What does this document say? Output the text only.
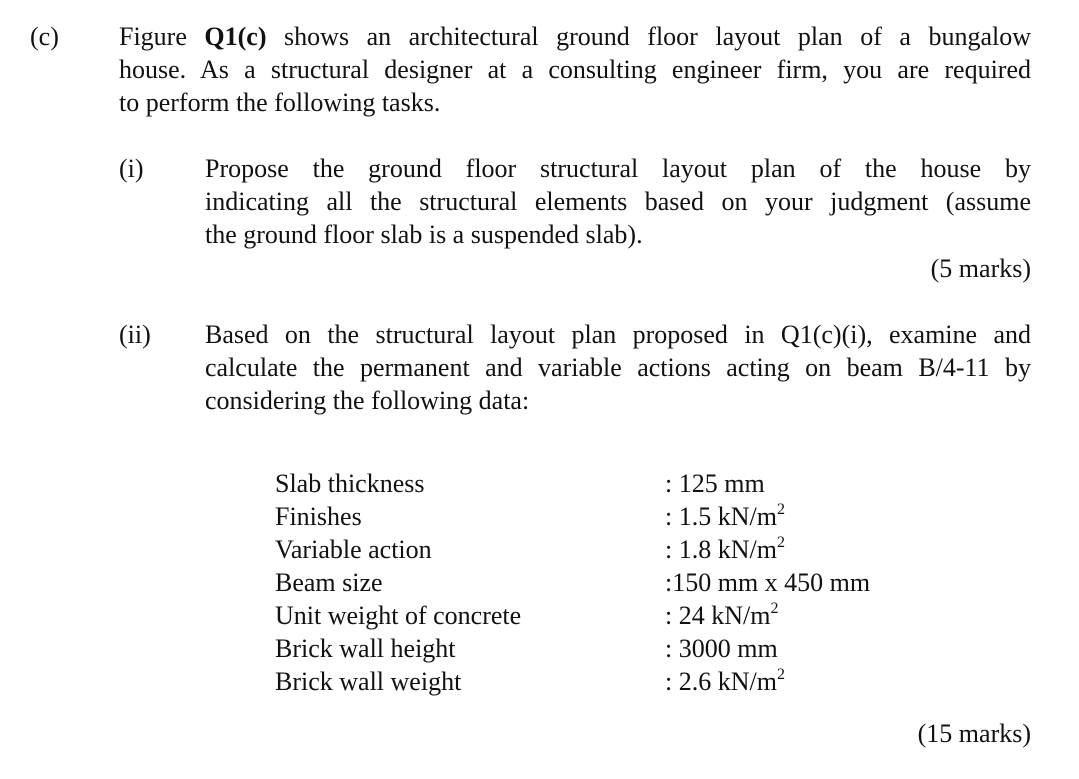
(c) Figure Q1(c) shows an architectural ground floor layout plan of a bungalow
house. As a structural designer at a consulting engineer firm, you are required
to perform the following tasks.
(i) Propose the ground floor structural layout plan of the house by
indicating all the structural elements based on your judgment (assume
the ground floor slab is a suspended slab).
(5 marks)
(ii) Based on the structural layout plan proposed in Q1(c)(i), examine and
calculate the permanent and variable actions acting on beam B/4-11 by
considering the following data:
Slab thickness	: 125 mm
Finishes	: 1.5 $kN/m^2$
Variable action	: 1.8 $kN/m^2$
Beam size	:150 mm x 450 mm
Unit weight of concrete	: 24 $kN/m^2$
Brick wall height	: 3000 mm
Brick wall weight	: 2.6 $kN/m^2$
(15 marks)
